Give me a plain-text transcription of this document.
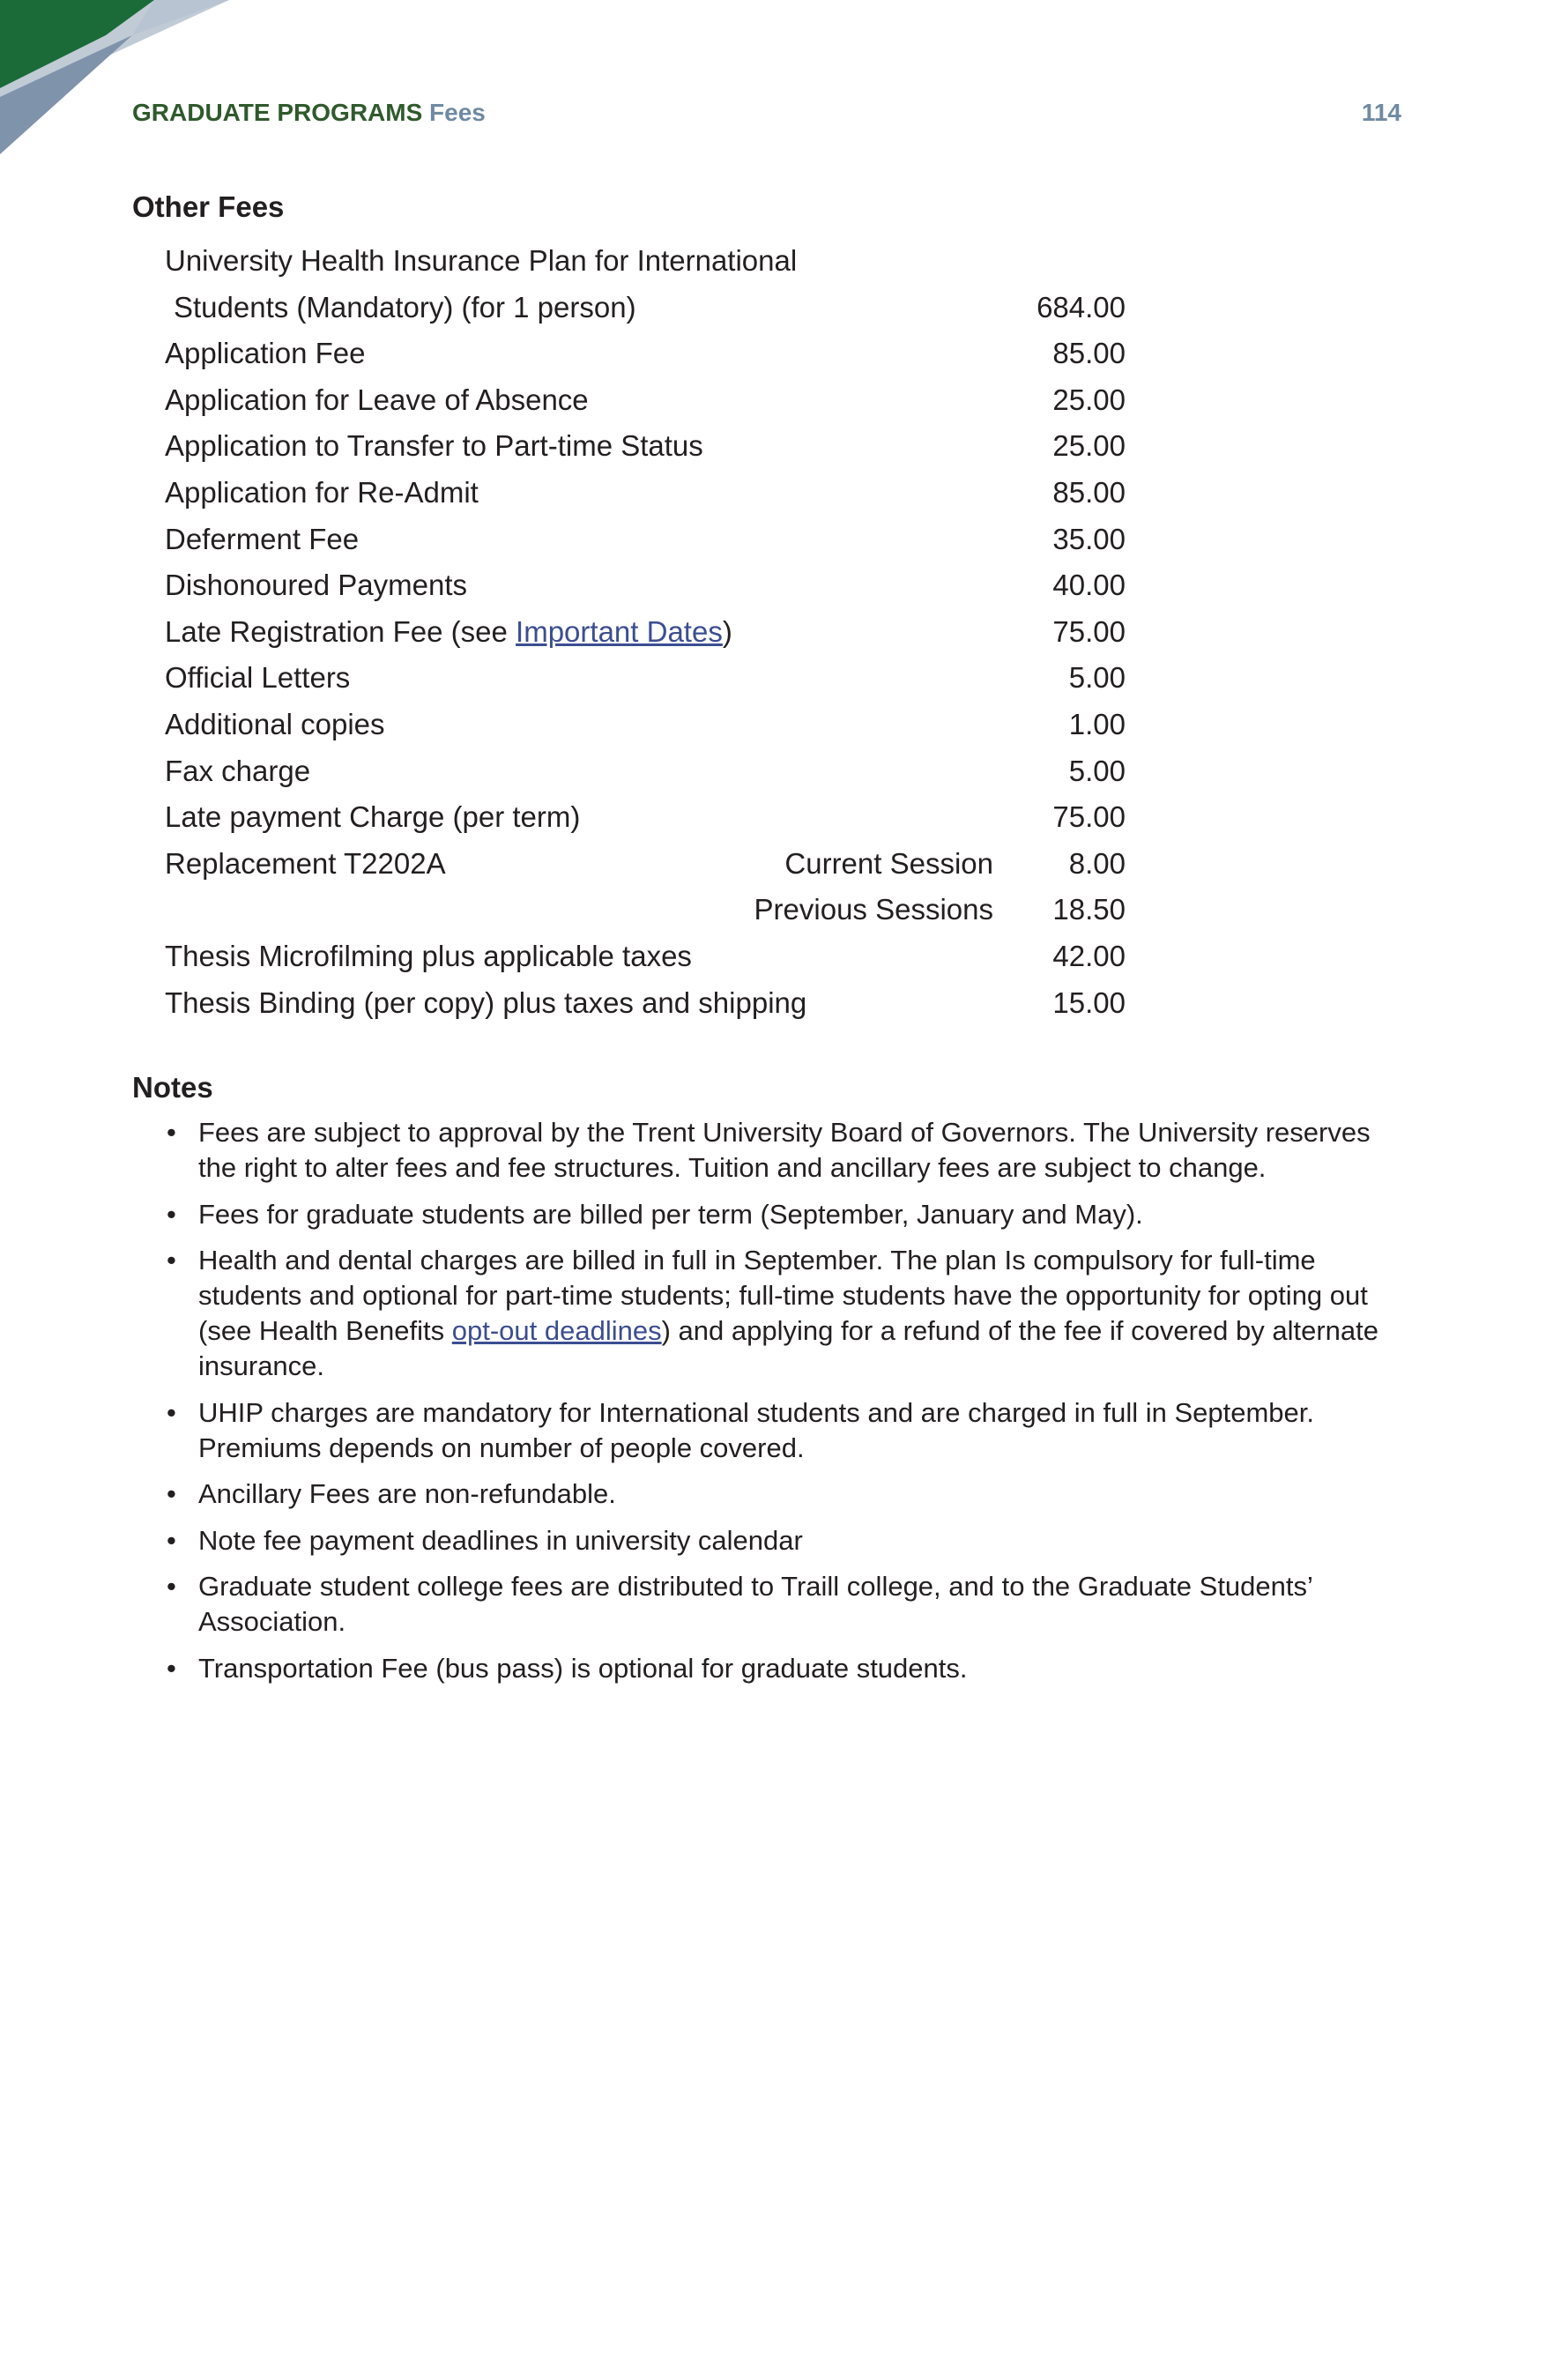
GRADUATE PROGRAMS Fees	114
Other Fees
University Health Insurance Plan for International
Students (Mandatory) (for 1 person)	684.00
Application Fee	85.00
Application for Leave of Absence	25.00
Application to Transfer to Part-time Status	25.00
Application for Re-Admit	85.00
Deferment Fee	35.00
Dishonoured Payments	40.00
Late Registration Fee (see Important Dates)	75.00
Official Letters	5.00
Additional copies	1.00
Fax charge	5.00
Late payment Charge (per term)	75.00
Replacement T2202A	Current Session	8.00
Previous Sessions 18.50
Thesis Microfilming plus applicable taxes	42.00
Thesis Binding (per copy) plus taxes and shipping	15.00
Notes
• Fees are subject to approval by the Trent University Board of Governors. The University reserves the right to alter fees and fee structures. Tuition and ancillary fees are subject to change.
• Fees for graduate students are billed per term (September, January and May).
• Health and dental charges are billed in full in September. The plan Is compulsory for full-time students and optional for part-time students; full-time students have the opportunity for opting out (see Health Benefits opt-out deadlines) and applying for a refund of the fee if covered by alternate insurance.
• UHIP charges are mandatory for International students and are charged in full in September. Premiums depends on number of people covered.
• Ancillary Fees are non-refundable.
• Note fee payment deadlines in university calendar
• Graduate student college fees are distributed to Traill college, and to the Graduate Students’ Association.
• Transportation Fee (bus pass) is optional for graduate students.
